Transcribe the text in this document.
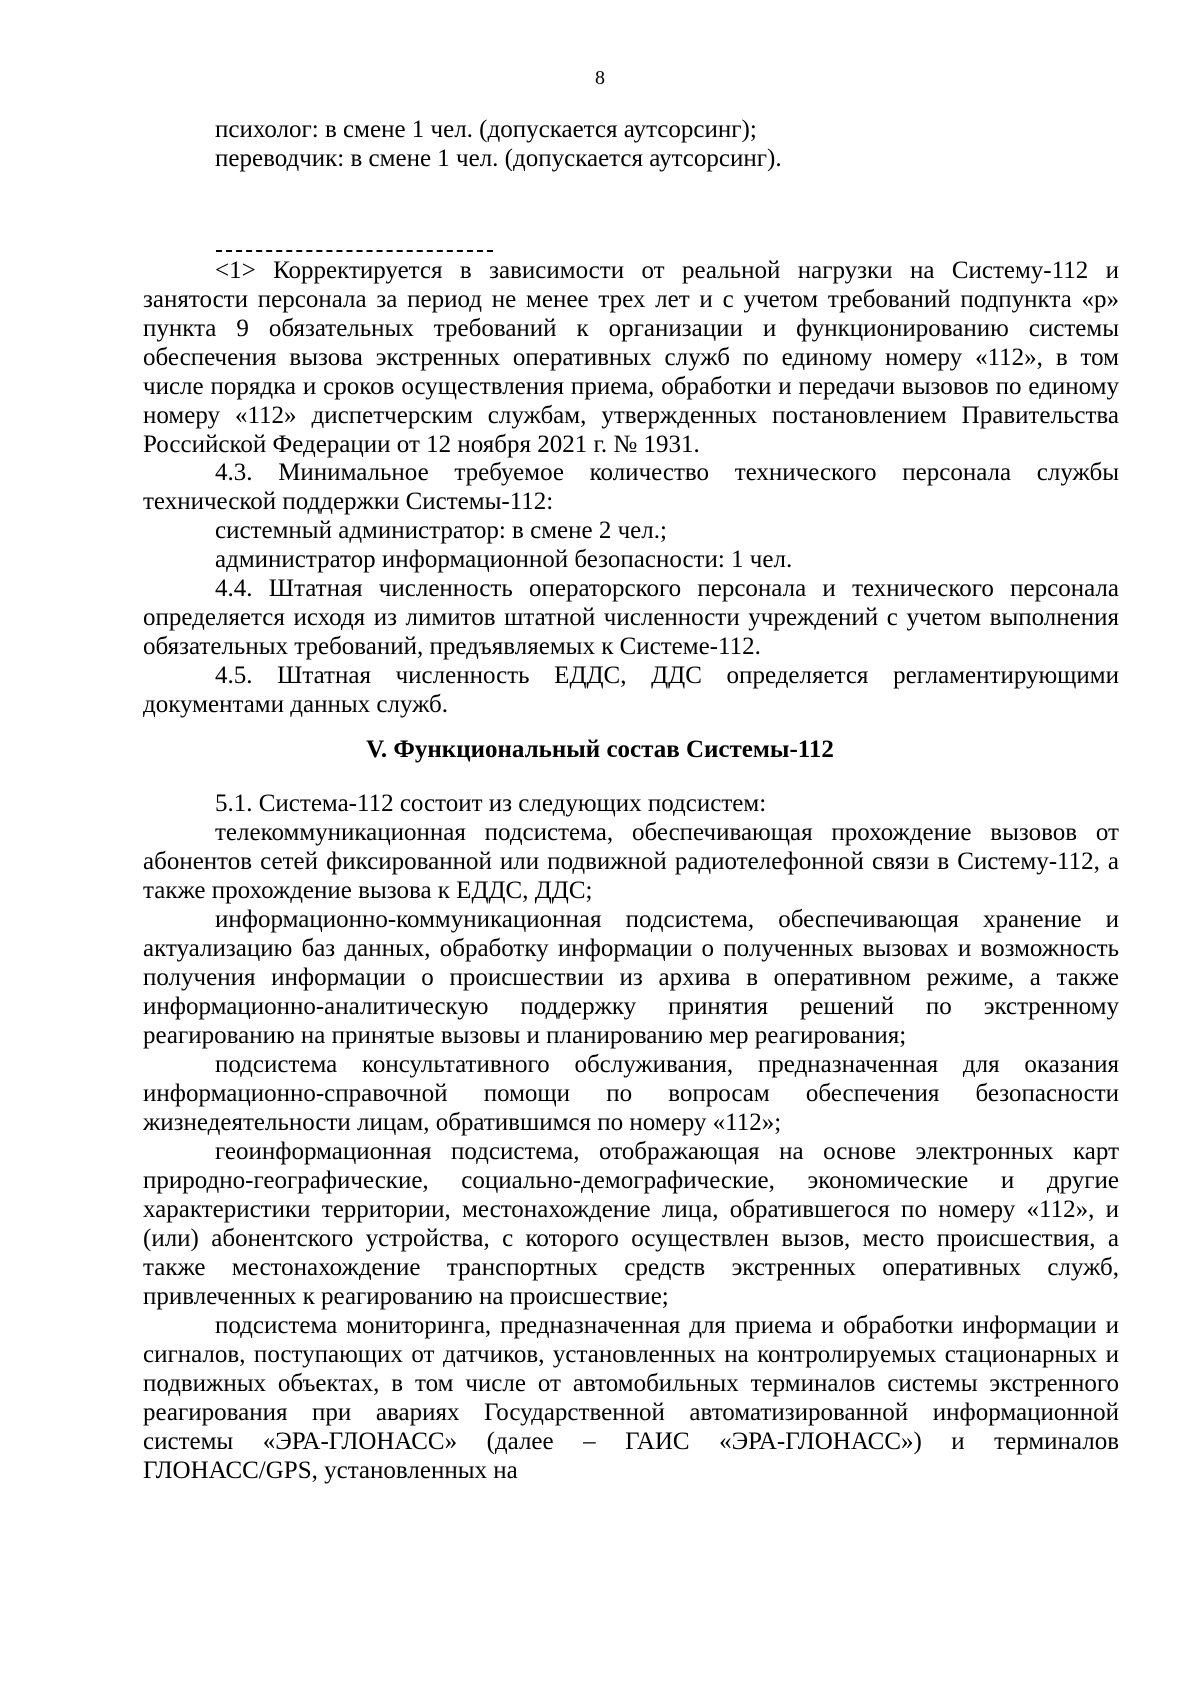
8

психолог: в смене 1 чел. (допускается аутсорсинг);

переводчик: в смене 1 чел. (допускается аутсорсинг).

<1> Корректируется в зависимости от реальной нагрузки на Систему-112 и занятости персонала за период не менее трех лет и с учетом требований подпункта «р» пункта 9 обязательных требований к организации и функционированию системы обеспечения вызова экстренных оперативных служб по единому номеру «112», в том числе порядка и сроков осуществления приема, обработки и передачи вызовов по единому номеру «112» диспетчерским службам, утвержденных постановлением Правительства Российской Федерации от 12 ноября 2021 г. № 1931.

4.3. Минимальное требуемое количество технического персонала службы технической поддержки Системы-112:

системный администратор: в смене 2 чел.;

администратор информационной безопасности: 1 чел.

4.4. Штатная численность операторского персонала и технического персонала определяется исходя из лимитов штатной численности учреждений с учетом выполнения обязательных требований, предъявляемых к Системе-112.

4.5. Штатная численность ЕДДС, ДДС определяется регламентирующими документами данных служб.

V. Функциональный состав Системы-112

5.1. Система-112 состоит из следующих подсистем:

телекоммуникационная подсистема, обеспечивающая прохождение вызовов от абонентов сетей фиксированной или подвижной радиотелефонной связи в Систему-112, а также прохождение вызова к ЕДДС, ДДС;

информационно-коммуникационная подсистема, обеспечивающая хранение и актуализацию баз данных, обработку информации о полученных вызовах и возможность получения информации о происшествии из архива в оперативном режиме, а также информационно-аналитическую поддержку принятия решений по экстренному реагированию на принятые вызовы и планированию мер реагирования;

подсистема консультативного обслуживания, предназначенная для оказания информационно-справочной помощи по вопросам обеспечения безопасности жизнедеятельности лицам, обратившимся по номеру «112»;

геоинформационная подсистема, отображающая на основе электронных карт природно-географические, социально-демографические, экономические и другие характеристики территории, местонахождение лица, обратившегося по номеру «112», и (или) абонентского устройства, с которого осуществлен вызов, место происшествия, а также местонахождение транспортных средств экстренных оперативных служб, привлеченных к реагированию на происшествие;

подсистема мониторинга, предназначенная для приема и обработки информации и сигналов, поступающих от датчиков, установленных на контролируемых стационарных и подвижных объектах, в том числе от автомобильных терминалов системы экстренного реагирования при авариях Государственной автоматизированной информационной системы «ЭРА-ГЛОНАСС» (далее – ГАИС «ЭРА-ГЛОНАСС») и терминалов ГЛОНАСС/GPS, установленных на
